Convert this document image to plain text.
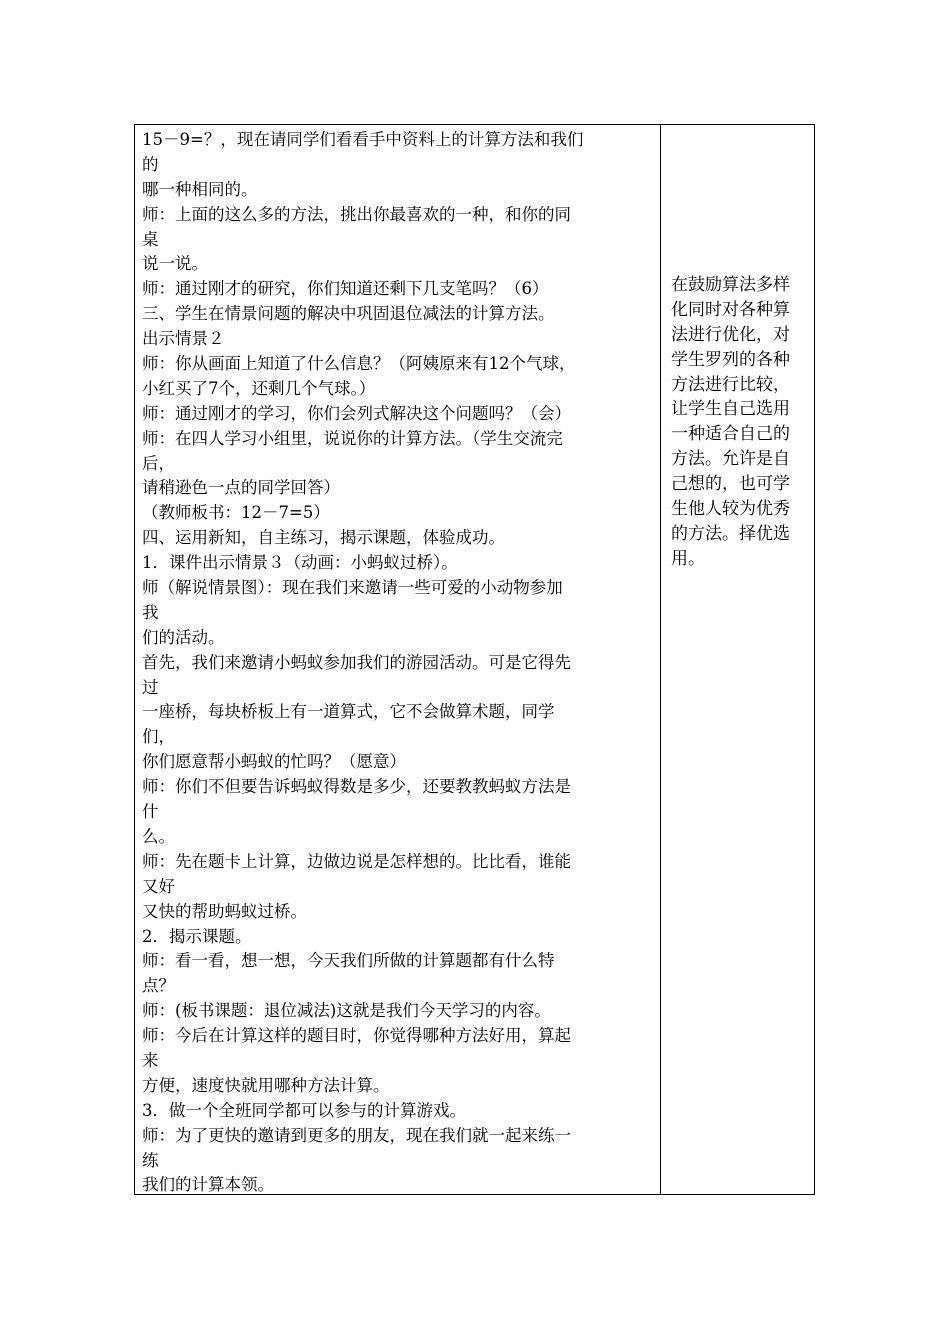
15－9=？，现在请同学们看看手中资料上的计算方法和我们
的
哪一种相同的。
师：上面的这么多的方法，挑出你最喜欢的一种，和你的同
桌
说一说。
师：通过刚才的研究，你们知道还剩下几支笔吗？（6）
三、学生在情景问题的解决中巩固退位减法的计算方法。
出示情景２
师：你从画面上知道了什么信息？（阿姨原来有12个气球，
小红买了7个，还剩几个气球。）
师：通过刚才的学习，你们会列式解决这个问题吗？（会）
师：在四人学习小组里，说说你的计算方法。（学生交流完
后，
请稍逊色一点的同学回答）
（教师板书：12－7=5）
四、运用新知，自主练习，揭示课题，体验成功。
1．课件出示情景３（动画：小蚂蚁过桥）。
师（解说情景图）：现在我们来邀请一些可爱的小动物参加
我
们的活动。
首先，我们来邀请小蚂蚁参加我们的游园活动。可是它得先
过
一座桥，每块桥板上有一道算式，它不会做算术题，同学
们，
你们愿意帮小蚂蚁的忙吗？（愿意）
师：你们不但要告诉蚂蚁得数是多少，还要教教蚂蚁方法是
什
么。
师：先在题卡上计算，边做边说是怎样想的。比比看，谁能
又好
又快的帮助蚂蚁过桥。
2．揭示课题。
师：看一看，想一想，今天我们所做的计算题都有什么特
点？
师：(板书课题：退位减法)这就是我们今天学习的内容。
师：今后在计算这样的题目时，你觉得哪种方法好用，算起
来
方便，速度快就用哪种方法计算。
3．做一个全班同学都可以参与的计算游戏。
师：为了更快的邀请到更多的朋友，现在我们就一起来练一
练
我们的计算本领。
在鼓励算法多样
化同时对各种算
法进行优化，对
学生罗列的各种
方法进行比较，
让学生自己选用
一种适合自己的
方法。允许是自
己想的，也可学
生他人较为优秀
的方法。择优选
用。
